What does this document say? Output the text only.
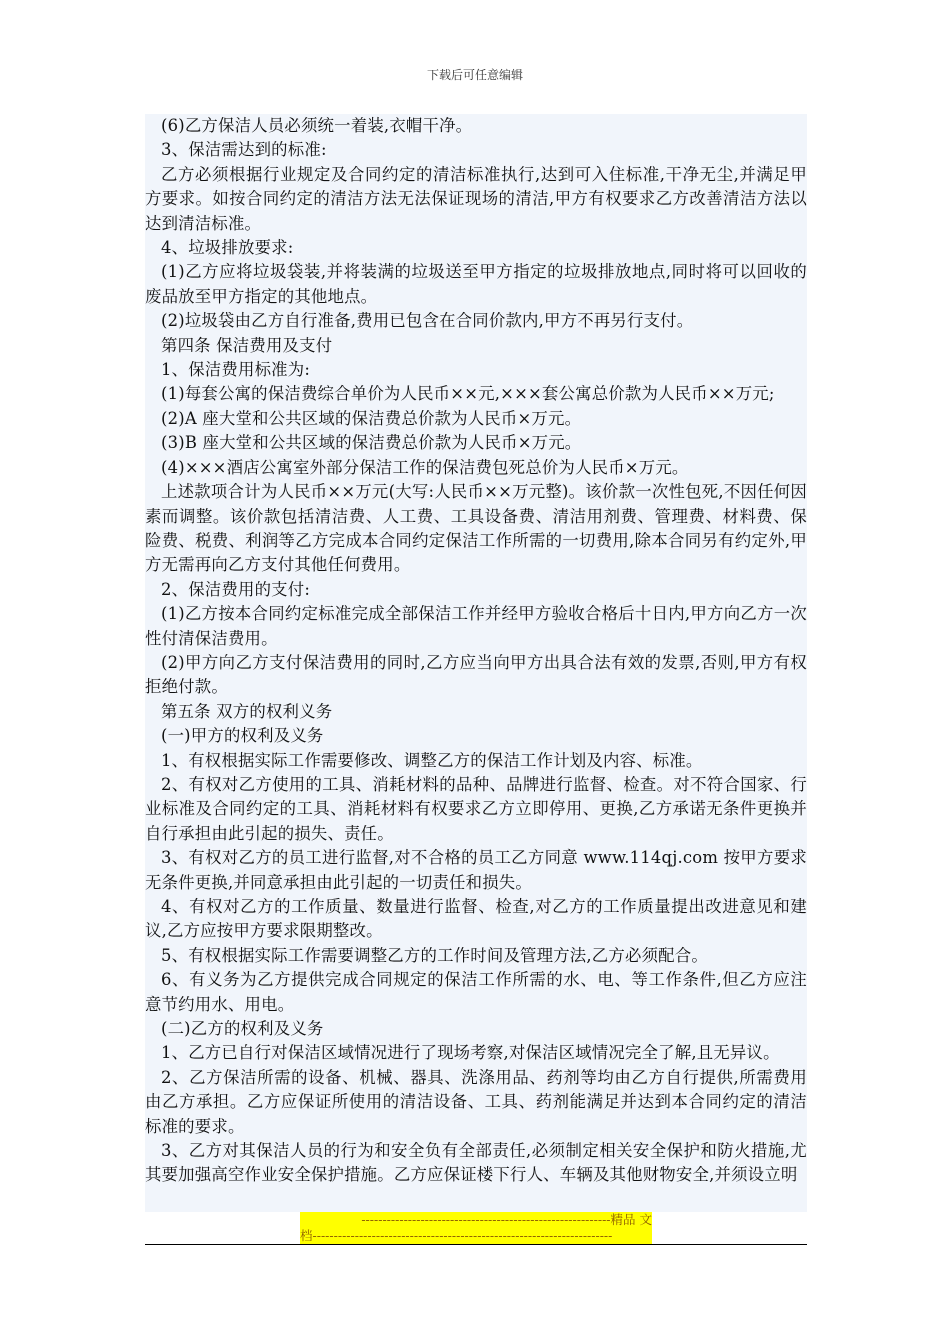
下载后可任意编辑

(6)乙方保洁人员必须统一着装,衣帽干净。

3、保洁需达到的标准:

乙方必须根据行业规定及合同约定的清洁标准执行,达到可入住标准,干净无尘,并满足甲方要求。如按合同约定的清洁方法无法保证现场的清洁,甲方有权要求乙方改善清洁方法以达到清洁标准。

4、垃圾排放要求:

(1)乙方应将垃圾袋装,并将装满的垃圾送至甲方指定的垃圾排放地点,同时将可以回收的废品放至甲方指定的其他地点。

(2)垃圾袋由乙方自行准备,费用已包含在合同价款内,甲方不再另行支付。

第四条 保洁费用及支付

1、保洁费用标准为:

(1)每套公寓的保洁费综合单价为人民币××元,×××套公寓总价款为人民币××万元;

(2)A 座大堂和公共区域的保洁费总价款为人民币×万元。

(3)B 座大堂和公共区域的保洁费总价款为人民币×万元。

(4)×××酒店公寓室外部分保洁工作的保洁费包死总价为人民币×万元。

上述款项合计为人民币××万元(大写:人民币××万元整)。该价款一次性包死,不因任何因素而调整。该价款包括清洁费、人工费、工具设备费、清洁用剂费、管理费、材料费、保险费、税费、利润等乙方完成本合同约定保洁工作所需的一切费用,除本合同另有约定外,甲方无需再向乙方支付其他任何费用。

2、保洁费用的支付:

(1)乙方按本合同约定标准完成全部保洁工作并经甲方验收合格后十日内,甲方向乙方一次性付清保洁费用。

(2)甲方向乙方支付保洁费用的同时,乙方应当向甲方出具合法有效的发票,否则,甲方有权拒绝付款。

第五条 双方的权利义务

(一)甲方的权利及义务

1、有权根据实际工作需要修改、调整乙方的保洁工作计划及内容、标准。

2、有权对乙方使用的工具、消耗材料的品种、品牌进行监督、检查。对不符合国家、行业标准及合同约定的工具、消耗材料有权要求乙方立即停用、更换,乙方承诺无条件更换并自行承担由此引起的损失、责任。

3、有权对乙方的员工进行监督,对不合格的员工乙方同意 www.114qj.com 按甲方要求无条件更换,并同意承担由此引起的一切责任和损失。

4、有权对乙方的工作质量、数量进行监督、检查,对乙方的工作质量提出改进意见和建议,乙方应按甲方要求限期整改。

5、有权根据实际工作需要调整乙方的工作时间及管理方法,乙方必须配合。

6、有义务为乙方提供完成合同规定的保洁工作所需的水、电、等工作条件,但乙方应注意节约用水、用电。

(二)乙方的权利及义务

1、乙方已自行对保洁区域情况进行了现场考察,对保洁区域情况完全了解,且无异议。

2、乙方保洁所需的设备、机械、器具、洗涤用品、药剂等均由乙方自行提供,所需费用由乙方承担。乙方应保证所使用的清洁设备、工具、药剂能满足并达到本合同约定的清洁标准的要求。

3、乙方对其保洁人员的行为和安全负有全部责任,必须制定相关安全保护和防火措施,尤其要加强高空作业安全保护措施。乙方应保证楼下行人、车辆及其他财物安全,并须设立明

-----------------------------------------------------------精品 文
档-----------------------------------------------------------------------
